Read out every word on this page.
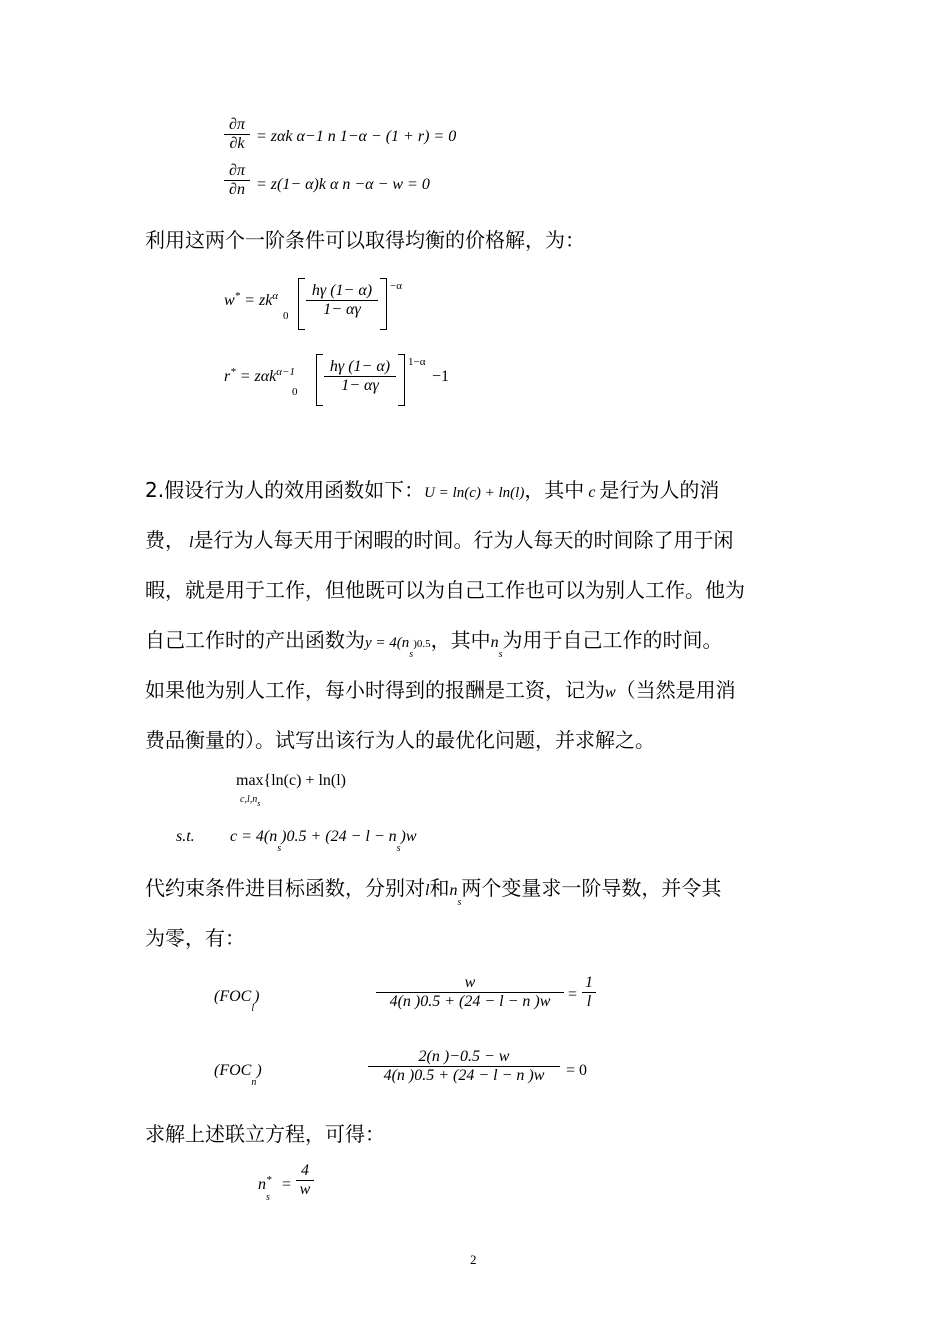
∂π
∂k = zαk α−1 n 1−α − (1 + r) = 0
∂π
∂n = z(1− α)k α n −α − w = 0
利用这两个一阶条件可以取得均衡的价格解，为：
$w^* = zk^\alpha$
0
hγ (1− α)
1− αγ
−α
r* = zαk$^{\alpha-1}$
0
hγ (1− α)
1− αγ
1−α
−1
2.假设行为人的效用函数如下：U = ln(c) + ln(l)，其中 c 是行为人的消
费， l是行为人每天用于闲暇的时间。行为人每天的时间除了用于闲
暇，就是用于工作，但他既可以为自己工作也可以为别人工作。他为
自己工作时的产出函数为$y = 4(n_s)0.5$，其中$n_s$为用于自己工作的时间。
如果他为别人工作，每小时得到的报酬是工资，记为w（当然是用消
费品衡量的）。试写出该行为人的最优化问题，并求解之。
max{ln(c) + ln(l)
$c,l,n_s$
s.t. $c = 4(n_s)0.5 + (24 - l - n_s)w$
代约束条件进目标函数，分别对l和$n_s$两个变量求一阶导数，并令其
为零，有：
$(FOC_l)$
w
4(n )0.5 + (24 − l − n )w	=
1
l
$(FOC_n)$
2(n )−0.5 − w
4(n )0.5 + (24 − l − n )w	= 0
求解上述联立方程，可得：
n*
s
=
4
w
2
